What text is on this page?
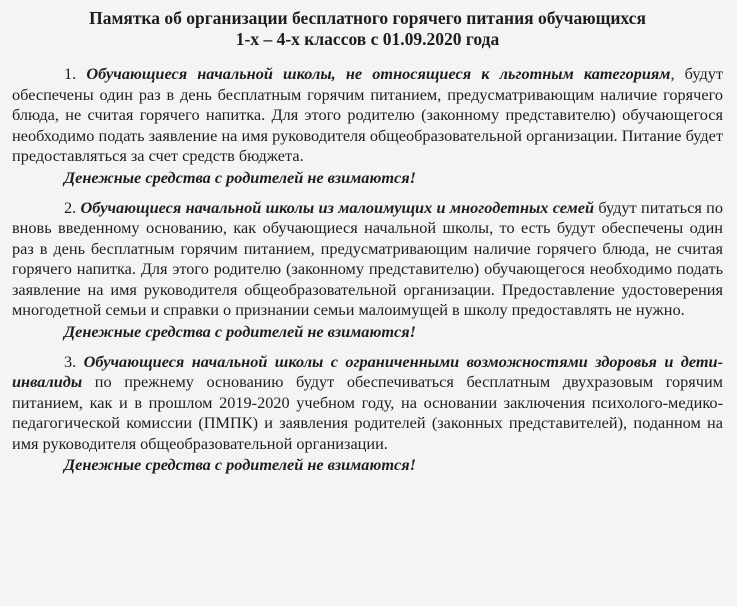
Памятка об организации бесплатного горячего питания обучающихся
1-х – 4-х классов с 01.09.2020 года

1. Обучающиеся начальной школы, не относящиеся к льготным категориям, будут обеспечены один раз в день бесплатным горячим питанием, предусматривающим наличие горячего блюда, не считая горячего напитка. Для этого родителю (законному представителю) обучающегося необходимо подать заявление на имя руководителя общеобразовательной организации. Питание будет предоставляться за счет средств бюджета.

Денежные средства с родителей не взимаются!

2. Обучающиеся начальной школы из малоимущих и многодетных семей будут питаться по вновь введенному основанию, как обучающиеся начальной школы, то есть будут обеспечены один раз в день бесплатным горячим питанием, предусматривающим наличие горячего блюда, не считая горячего напитка. Для этого родителю (законному представителю) обучающегося необходимо подать заявление на имя руководителя общеобразовательной организации. Предоставление удостоверения многодетной семьи и справки о признании семьи малоимущей в школу предоставлять не нужно.

Денежные средства с родителей не взимаются!

3. Обучающиеся начальной школы с ограниченными возможностями здоровья и дети-инвалиды по прежнему основанию будут обеспечиваться бесплатным двухразовым горячим питанием, как и в прошлом 2019-2020 учебном году, на основании заключения психолого-медико-педагогической комиссии (ПМПК) и заявления родителей (законных представителей), поданном на имя руководителя общеобразовательной организации.

Денежные средства с родителей не взимаются!
